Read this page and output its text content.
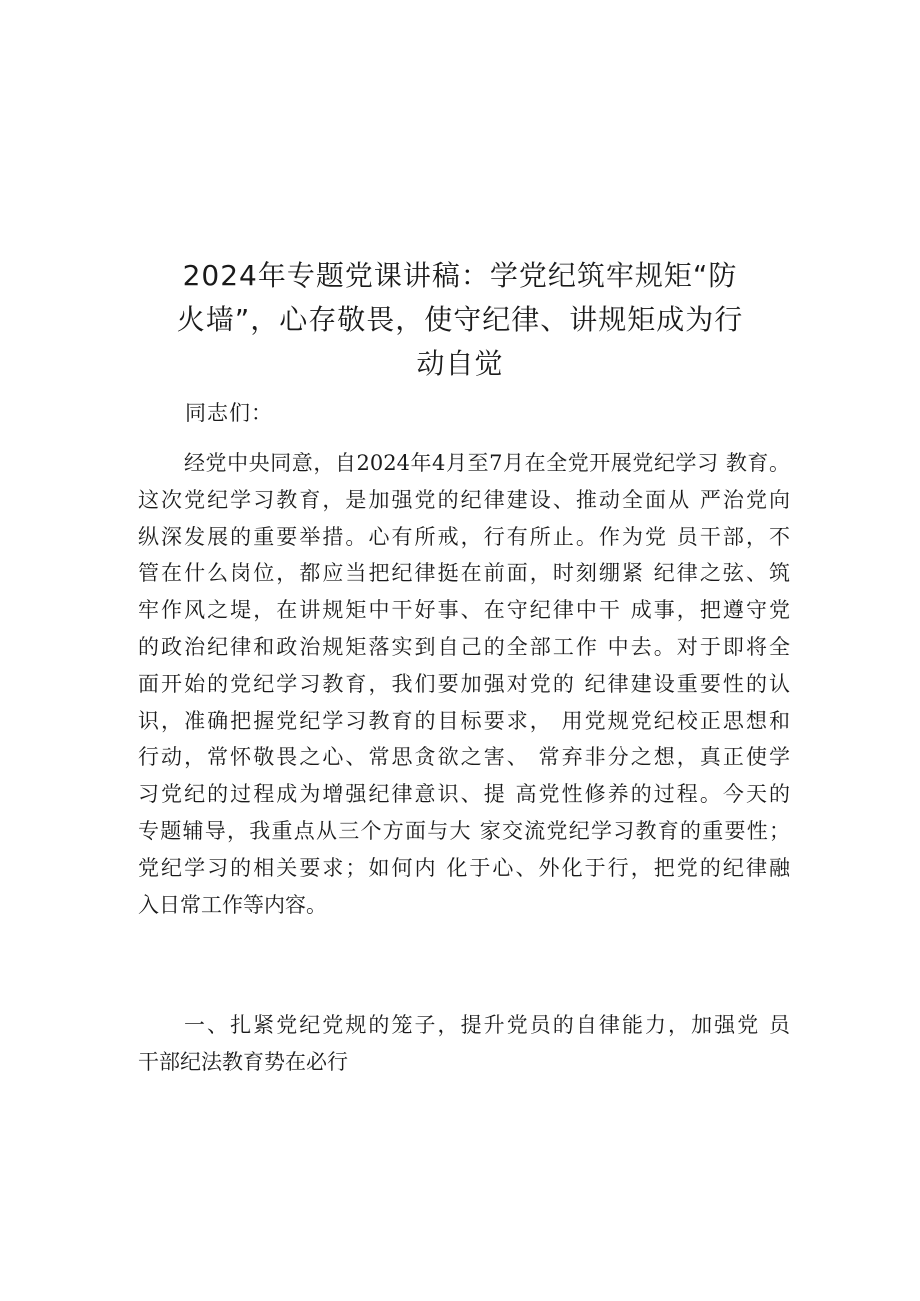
2024年专题党课讲稿：学党纪筑牢规矩“防
火墙”，心存敬畏，使守纪律、讲规矩成为行
动自觉
同志们：
经党中央同意，自2024年4月至7月在全党开展党纪学习 教育。
这次党纪学习教育，是加强党的纪律建设、推动全面从 严治党向
纵深发展的重要举措。心有所戒，行有所止。作为党 员干部，不
管在什么岗位，都应当把纪律挺在前面，时刻绷紧 纪律之弦、筑
牢作风之堤，在讲规矩中干好事、在守纪律中干 成事，把遵守党
的政治纪律和政治规矩落实到自己的全部工作 中去。对于即将全
面开始的党纪学习教育，我们要加强对党的 纪律建设重要性的认
识，准确把握党纪学习教育的目标要求， 用党规党纪校正思想和
行动，常怀敬畏之心、常思贪欲之害、 常弃非分之想，真正使学
习党纪的过程成为增强纪律意识、提 高党性修养的过程。今天的
专题辅导，我重点从三个方面与大 家交流党纪学习教育的重要性；
党纪学习的相关要求；如何内 化于心、外化于行，把党的纪律融
入日常工作等内容。
一、扎紧党纪党规的笼子，提升党员的自律能力，加强党 员
干部纪法教育势在必行
